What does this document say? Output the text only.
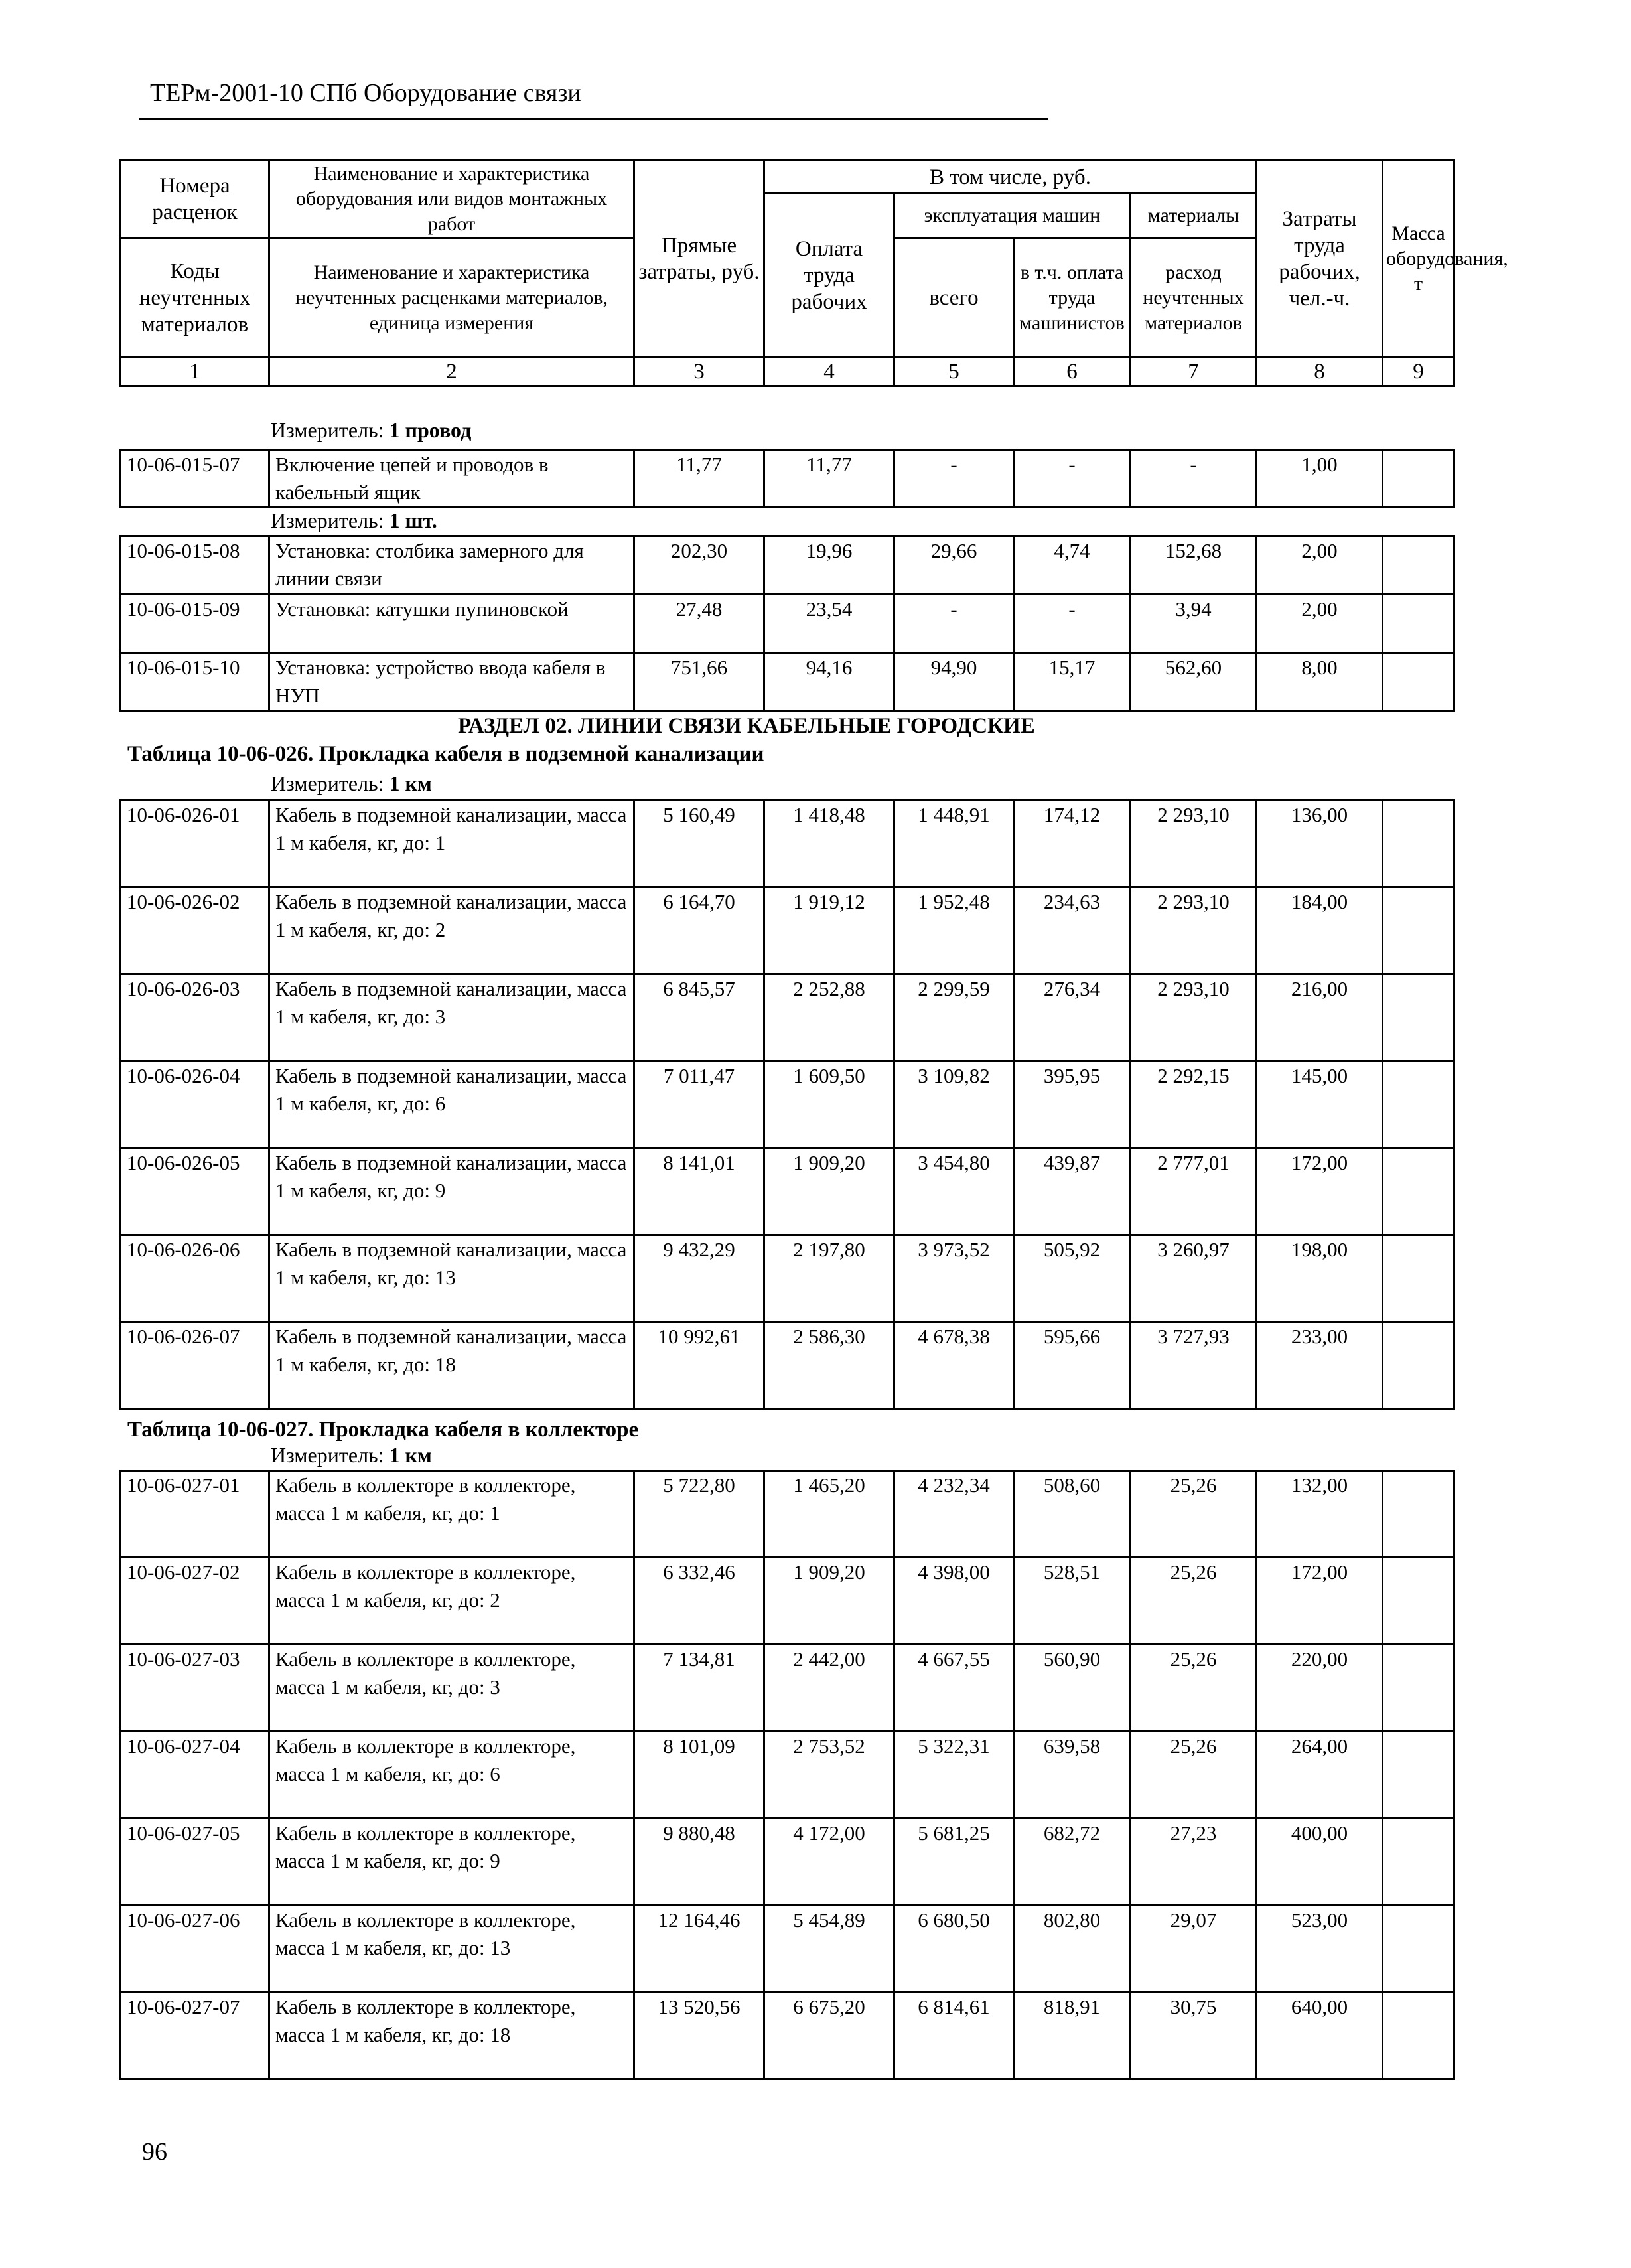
ТЕРм-2001-10 СПб Оборудование связи
Номера расценок	Наименование и характеристика оборудования или видов монтажных работ	Прямые затраты, руб.	В том числе, руб.				Затраты труда рабочих, чел.-ч.	Масса оборудования, т
			Оплата труда рабочих	эксплуатация машин		материалы		
Коды неучтенных материалов	Наименование и характеристика неучтенных расценками материалов, единица измерения			всего	в т.ч. оплата труда машинистов	расход неучтенных материалов		

1	2	3	4	5	6	7	8	9
Измеритель: 1 провод
Измеритель: 1 шт.
10-06-015-07	Включение цепей и проводов в кабельный ящик	11,77	11,77	-	-	-	1,00	
10-06-015-08	Установка: столбика замерного для линии связи	202,30	19,96	29,66	4,74	152,68	2,00	
10-06-015-09	Установка: катушки пупиновской	27,48	23,54	-	-	3,94	2,00	
10-06-015-10	Установка: устройство ввода кабеля в НУП	751,66	94,16	94,90	15,17	562,60	8,00	
РАЗДЕЛ 02. ЛИНИИ СВЯЗИ КАБЕЛЬНЫЕ ГОРОДСКИЕ
Таблица 10-06-026. Прокладка кабеля в подземной канализации
Измеритель: 1 км
10-06-026-01	Кабель в подземной канализации, масса 1 м кабеля, кг, до: 1	5 160,49	1 418,48	1 448,91	174,12	2 293,10	136,00	
10-06-026-02	Кабель в подземной канализации, масса 1 м кабеля, кг, до: 2	6 164,70	1 919,12	1 952,48	234,63	2 293,10	184,00	
10-06-026-03	Кабель в подземной канализации, масса 1 м кабеля, кг, до: 3	6 845,57	2 252,88	2 299,59	276,34	2 293,10	216,00	
10-06-026-04	Кабель в подземной канализации, масса 1 м кабеля, кг, до: 6	7 011,47	1 609,50	3 109,82	395,95	2 292,15	145,00	
10-06-026-05	Кабель в подземной канализации, масса 1 м кабеля, кг, до: 9	8 141,01	1 909,20	3 454,80	439,87	2 777,01	172,00	
10-06-026-06	Кабель в подземной канализации, масса 1 м кабеля, кг, до: 13	9 432,29	2 197,80	3 973,52	505,92	3 260,97	198,00	
10-06-026-07	Кабель в подземной канализации, масса 1 м кабеля, кг, до: 18	10 992,61	2 586,30	4 678,38	595,66	3 727,93	233,00	
Таблица 10-06-027. Прокладка кабеля в коллекторе
Измеритель: 1 км
10-06-027-01	Кабель в коллекторе в коллекторе, масса 1 м кабеля, кг, до: 1	5 722,80	1 465,20	4 232,34	508,60	25,26	132,00	
10-06-027-02	Кабель в коллекторе в коллекторе, масса 1 м кабеля, кг, до: 2	6 332,46	1 909,20	4 398,00	528,51	25,26	172,00	
10-06-027-03	Кабель в коллекторе в коллекторе, масса 1 м кабеля, кг, до: 3	7 134,81	2 442,00	4 667,55	560,90	25,26	220,00	
10-06-027-04	Кабель в коллекторе в коллекторе, масса 1 м кабеля, кг, до: 6	8 101,09	2 753,52	5 322,31	639,58	25,26	264,00	
10-06-027-05	Кабель в коллекторе в коллекторе, масса 1 м кабеля, кг, до: 9	9 880,48	4 172,00	5 681,25	682,72	27,23	400,00	
10-06-027-06	Кабель в коллекторе в коллекторе, масса 1 м кабеля, кг, до: 13	12 164,46	5 454,89	6 680,50	802,80	29,07	523,00	
10-06-027-07	Кабель в коллекторе в коллекторе, масса 1 м кабеля, кг, до: 18	13 520,56	6 675,20	6 814,61	818,91	30,75	640,00	
96
